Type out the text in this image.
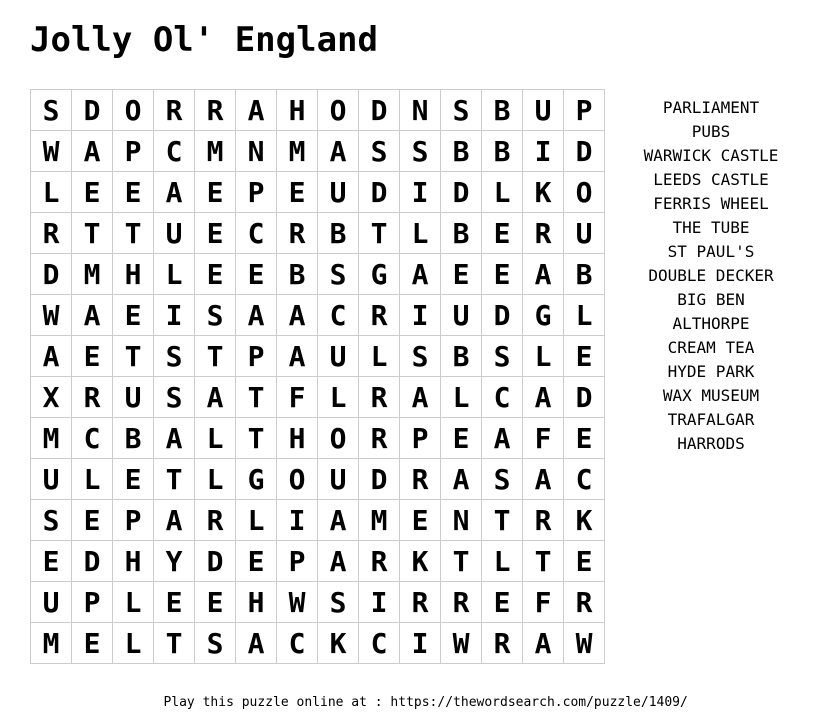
Jolly Ol' England
S	D	O	R	R	A	H	O	D	N	S	B	U	P
W	A	P	C	M	N	M	A	S	S	B	B	I	D
L	E	E	A	E	P	E	U	D	I	D	L	K	O
R	T	T	U	E	C	R	B	T	L	B	E	R	U
D	M	H	L	E	E	B	S	G	A	E	E	A	B
W	A	E	I	S	A	A	C	R	I	U	D	G	L
A	E	T	S	T	P	A	U	L	S	B	S	L	E
X	R	U	S	A	T	F	L	R	A	L	C	A	D
M	C	B	A	L	T	H	O	R	P	E	A	F	E
U	L	E	T	L	G	O	U	D	R	A	S	A	C
S	E	P	A	R	L	I	A	M	E	N	T	R	K
E	D	H	Y	D	E	P	A	R	K	T	L	T	E
U	P	L	E	E	H	W	S	I	R	R	E	F	R
M	E	L	T	S	A	C	K	C	I	W	R	A	W
PARLIAMENT
PUBS
WARWICK CASTLE
LEEDS CASTLE
FERRIS WHEEL
THE TUBE
ST PAUL'S
DOUBLE DECKER
BIG BEN
ALTHORPE
CREAM TEA
HYDE PARK
WAX MUSEUM
TRAFALGAR
HARRODS

Play this puzzle online at : https://thewordsearch.com/puzzle/1409/
